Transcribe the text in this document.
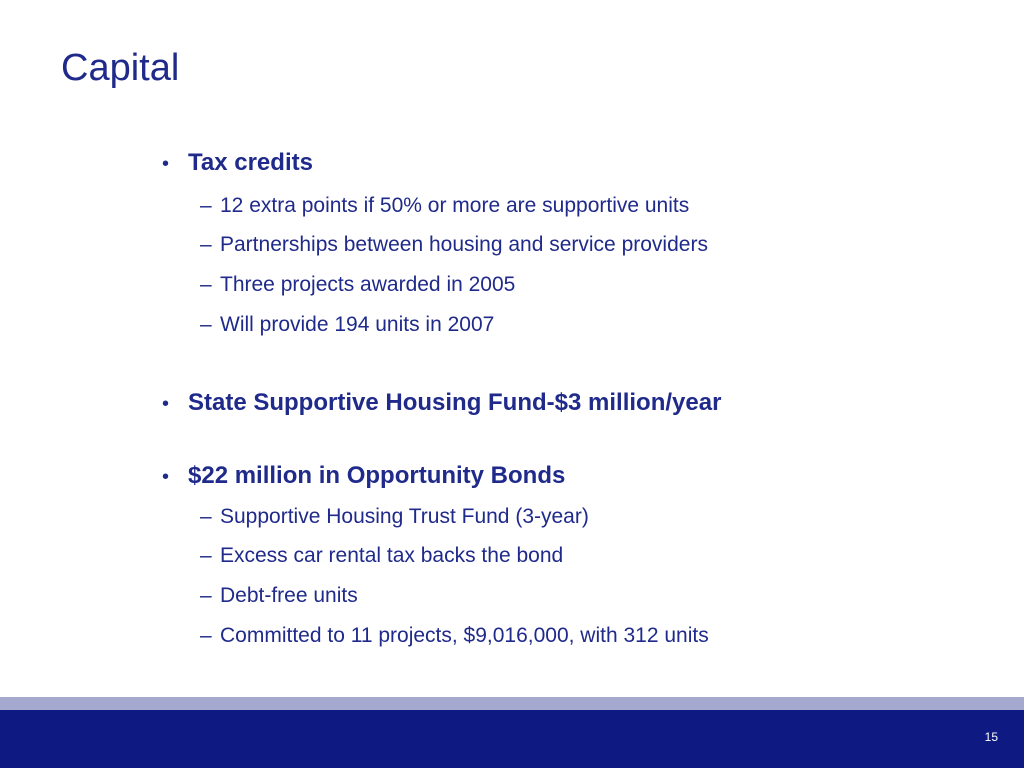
Capital
• Tax credits
– 12 extra points if 50% or more are supportive units
– Partnerships between housing and service providers
– Three projects awarded in 2005
– Will provide 194 units in 2007
• State Supportive Housing Fund-$3 million/year
• $22 million in Opportunity Bonds
– Supportive Housing Trust Fund (3-year)
– Excess car rental tax backs the bond
– Debt-free units
– Committed to 11 projects, $9,016,000, with 312 units
15
